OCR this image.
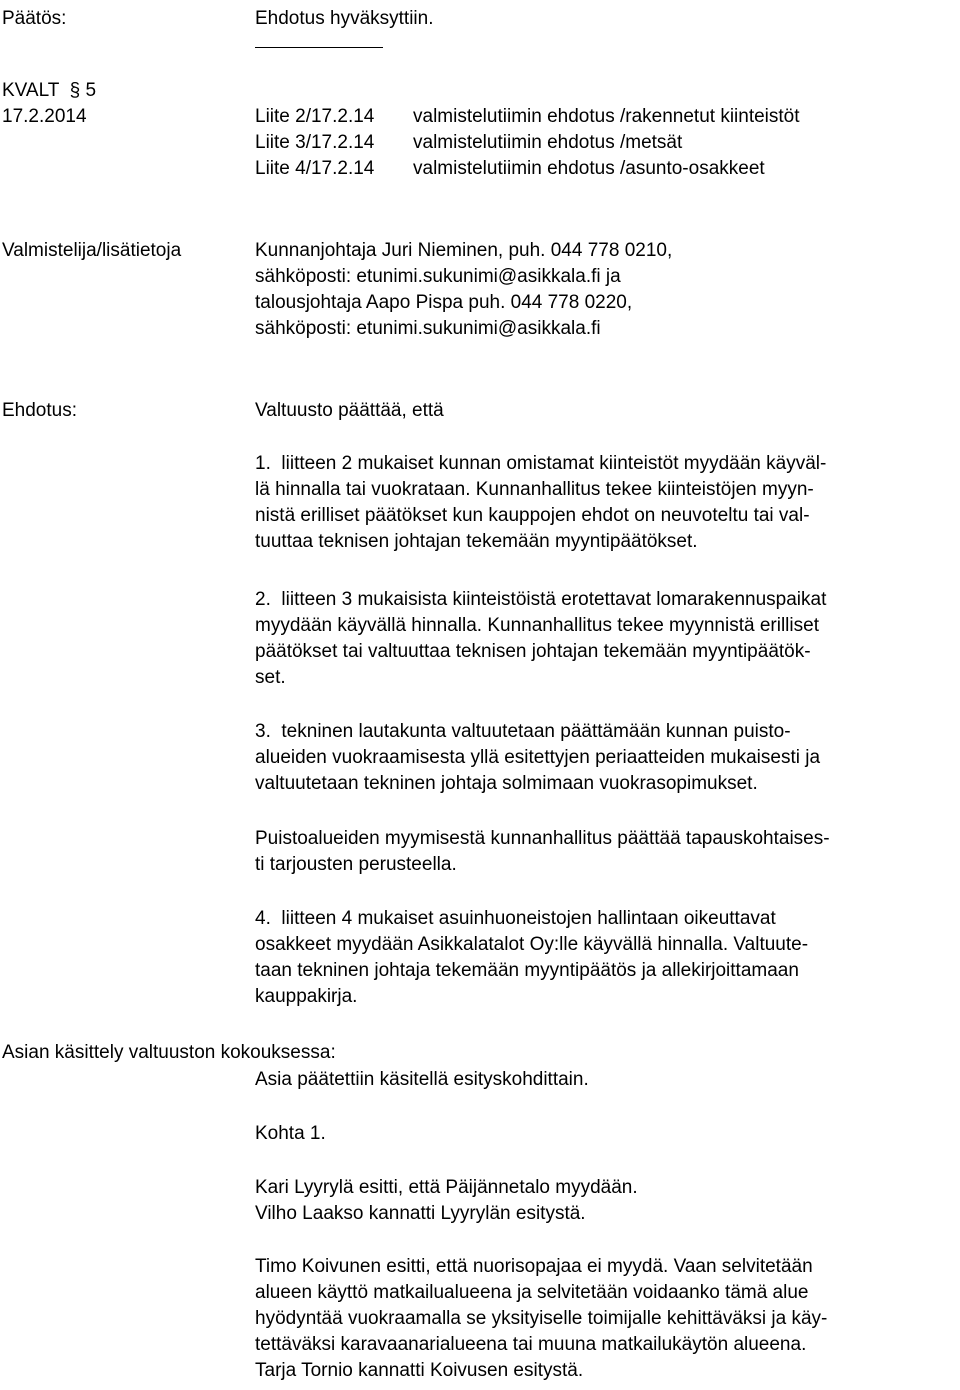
Päätös:	Ehdotus hyväksyttiin.
KVALT § 5
17.2.2014	Liite 2/17.2.14 valmistelutiimin ehdotus /rakennetut kiinteistöt
Liite 3/17.2.14 valmistelutiimin ehdotus /metsät
Liite 4/17.2.14 valmistelutiimin ehdotus /asunto-osakkeet
Valmistelija/lisätietoja	Kunnanjohtaja Juri Nieminen, puh. 044 778 0210,
sähköposti: etunimi.sukunimi@asikkala.fi ja
talousjohtaja Aapo Pispa puh. 044 778 0220,
sähköposti: etunimi.sukunimi@asikkala.fi
Ehdotus:	Valtuusto päättää, että
1.  liitteen 2 mukaiset kunnan omistamat kiinteistöt myydään käyväl-
lä hinnalla tai vuokrataan. Kunnanhallitus tekee kiinteistöjen myyn-
nistä erilliset päätökset kun kauppojen ehdot on neuvoteltu tai val-
tuuttaa teknisen johtajan tekemään myyntipäätökset.
2.  liitteen 3 mukaisista kiinteistöistä erotettavat lomarakennuspaikat
myydään käyvällä hinnalla. Kunnanhallitus tekee myynnistä erilliset
päätökset tai valtuuttaa teknisen johtajan tekemään myyntipäätök-
set.
3.  tekninen lautakunta valtuutetaan päättämään kunnan puisto-
alueiden vuokraamisesta yllä esitettyjen periaatteiden mukaisesti ja
valtuutetaan tekninen johtaja solmimaan vuokrasopimukset.
Puistoalueiden myymisestä kunnanhallitus päättää tapauskohtaises-
ti tarjousten perusteella.
4.  liitteen 4 mukaiset asuinhuoneistojen hallintaan oikeuttavat
osakkeet myydään Asikkalatalot Oy:lle käyvällä hinnalla. Valtuute-
taan tekninen johtaja tekemään myyntipäätös ja allekirjoittamaan
kauppakirja.
Asian käsittely valtuuston kokouksessa:
Asia päätettiin käsitellä esityskohdittain.
Kohta 1.
Kari Lyyrylä esitti, että Päijännetalo myydään.
Vilho Laakso kannatti Lyyrylän esitystä.
Timo Koivunen esitti, että nuorisopajaa ei myydä. Vaan selvitetään
alueen käyttö matkailualueena ja selvitetään voidaanko tämä alue
hyödyntää vuokraamalla se yksityiselle toimijalle kehittäväksi ja käy-
tettäväksi karavaanarialueena tai muuna matkailukäytön alueena.
Tarja Tornio kannatti Koivusen esitystä.
